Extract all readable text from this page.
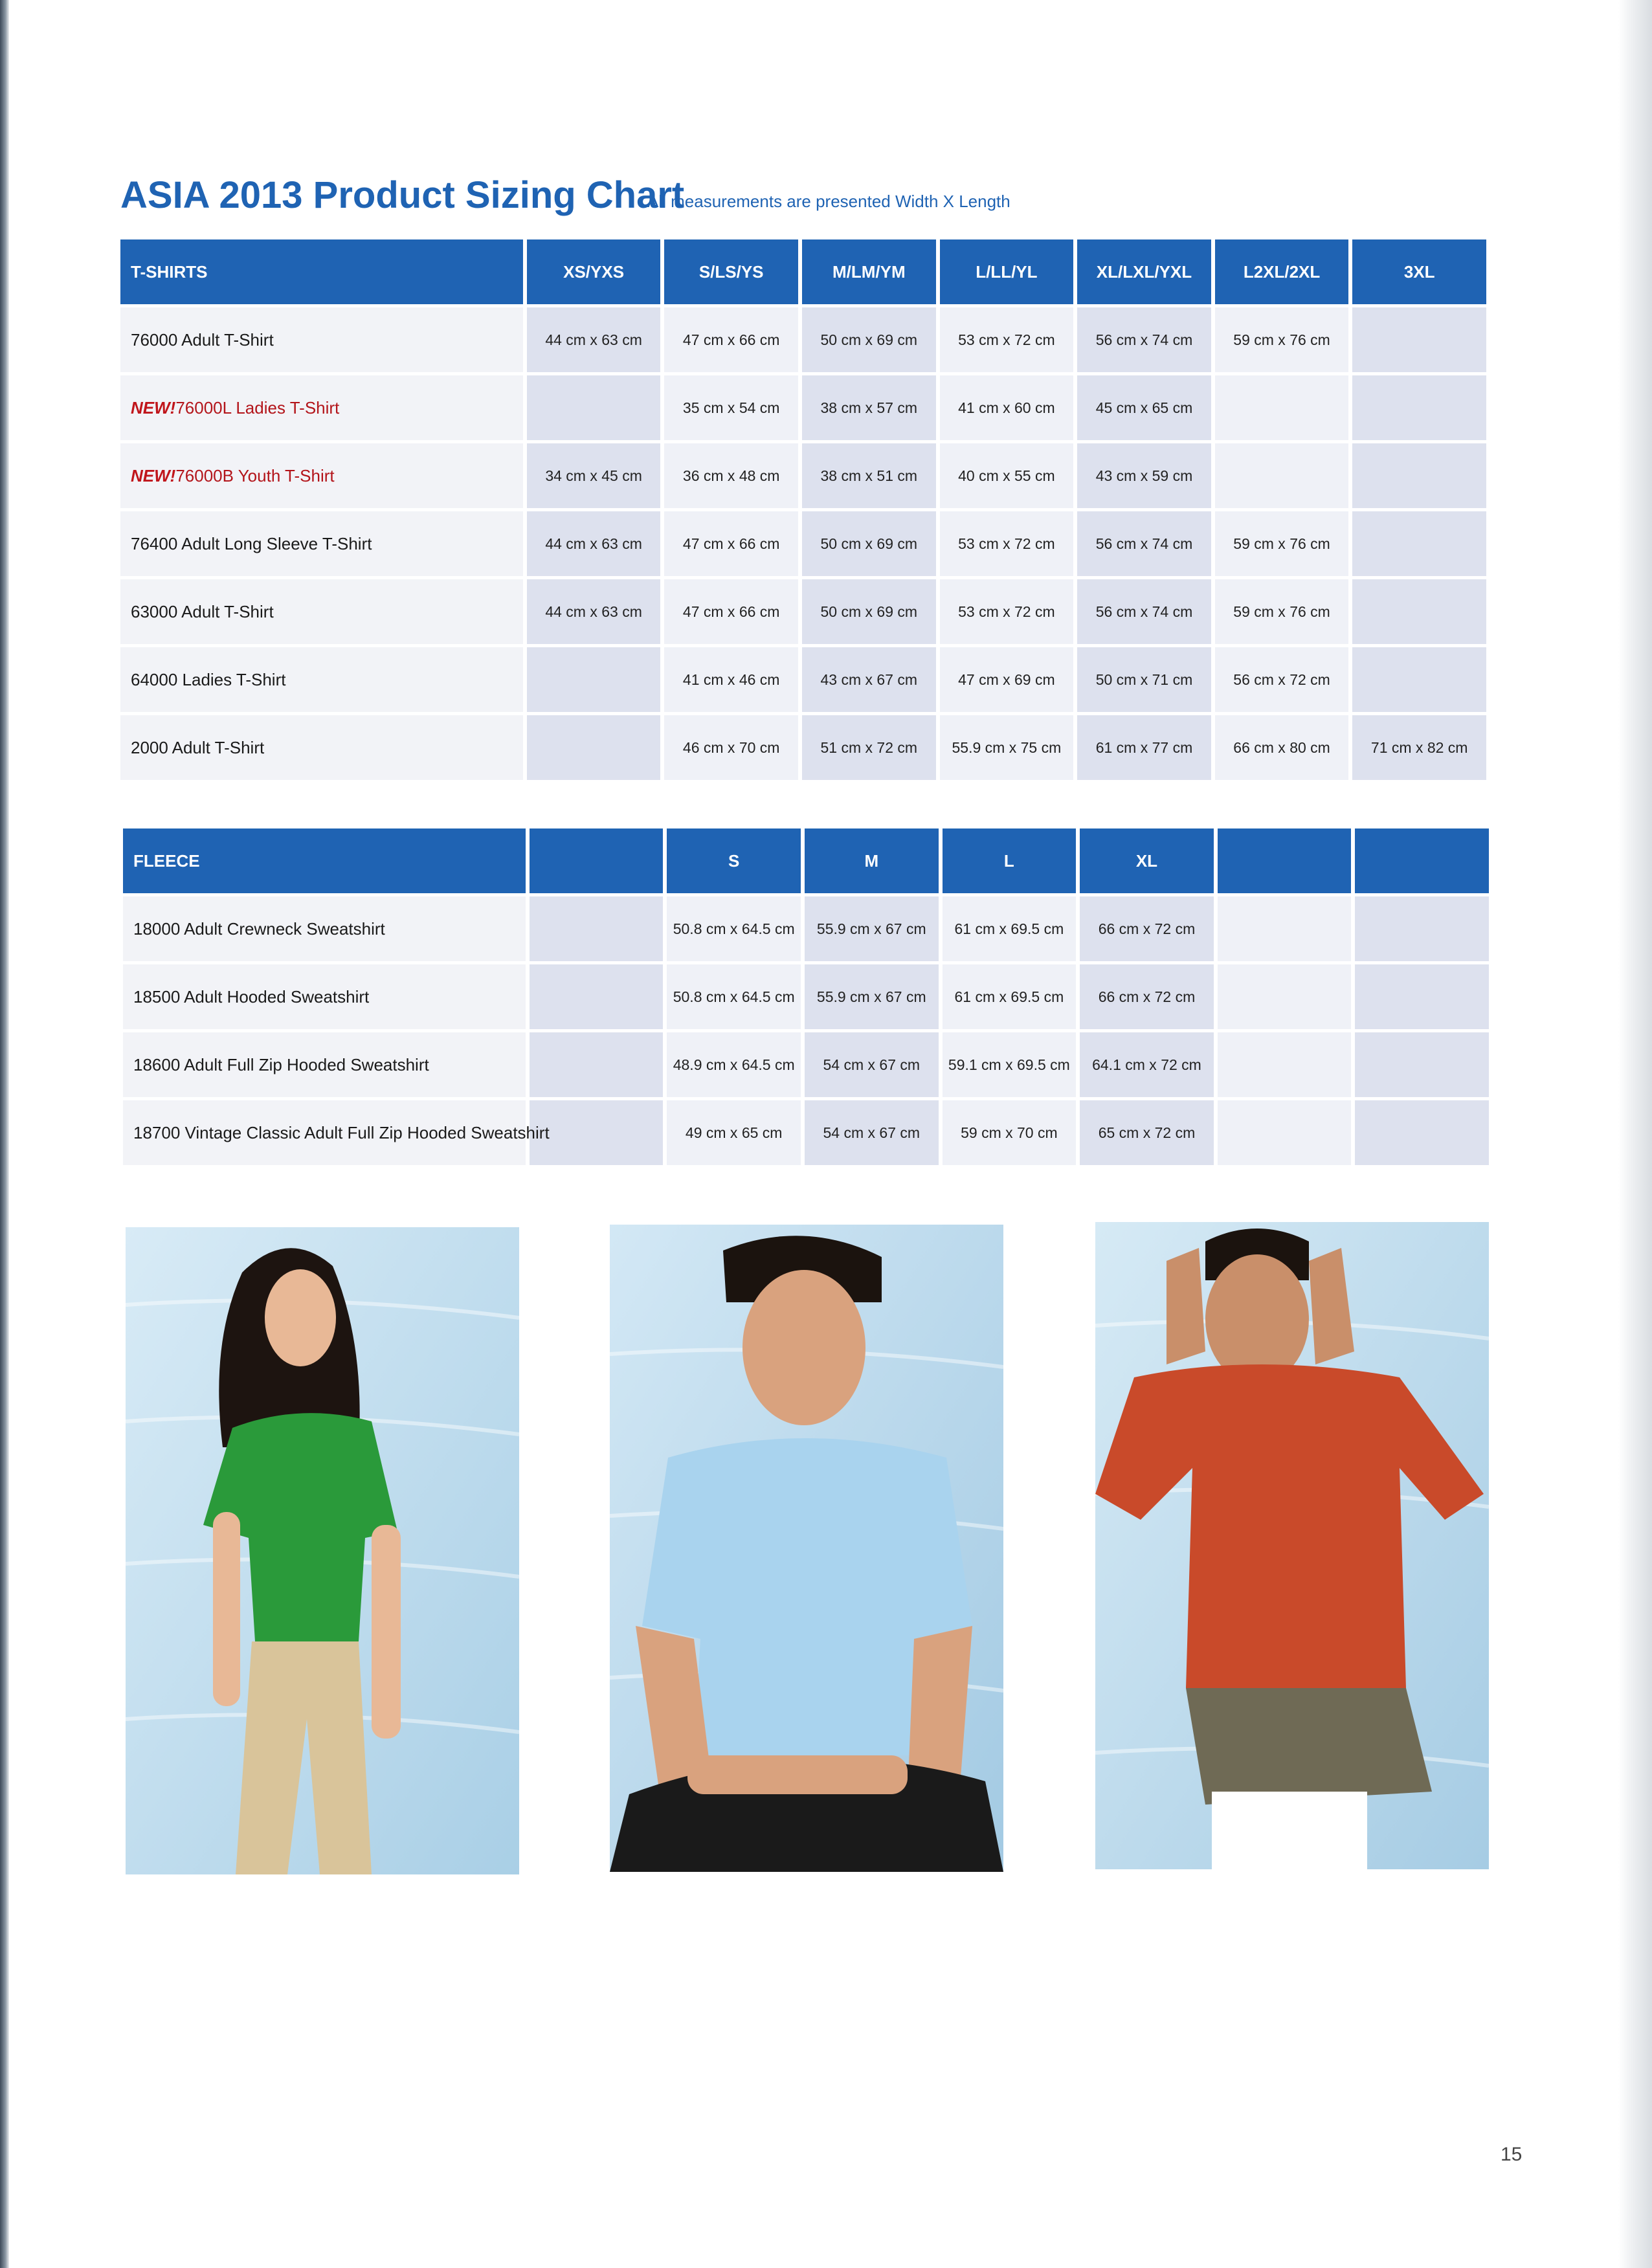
ASIA 2013 Product Sizing Chart
All measurements are presented Width X Length
T-SHIRTS	XS/YXS	S/LS/YS	M/LM/YM	L/LL/YL	XL/LXL/YXL	L2XL/2XL	3XL
76000 Adult T-Shirt	44 cm x 63 cm	47 cm x 66 cm	50 cm x 69 cm	53 cm x 72 cm	56 cm x 74 cm	59 cm x 76 cm	
NEW!76000L Ladies T-Shirt		35 cm x 54 cm	38 cm x 57 cm	41 cm x 60 cm	45 cm x 65 cm		
NEW!76000B Youth T-Shirt	34 cm x 45 cm	36 cm x 48 cm	38 cm x 51 cm	40 cm x 55 cm	43 cm x 59 cm		
76400 Adult Long Sleeve T-Shirt	44 cm x 63 cm	47 cm x 66 cm	50 cm x 69 cm	53 cm x 72 cm	56 cm x 74 cm	59 cm x 76 cm	
63000 Adult T-Shirt	44 cm x 63 cm	47 cm x 66 cm	50 cm x 69 cm	53 cm x 72 cm	56 cm x 74 cm	59 cm x 76 cm	
64000 Ladies T-Shirt		41 cm x 46 cm	43 cm x 67 cm	47 cm x 69 cm	50 cm x 71 cm	56 cm x 72 cm	
2000 Adult T-Shirt		46 cm x 70 cm	51 cm x 72 cm	55.9 cm x 75 cm	61 cm x 77 cm	66 cm x 80 cm	71 cm x 82 cm
FLEECE		S	M	L	XL		
18000 Adult Crewneck Sweatshirt		50.8 cm x 64.5 cm	55.9 cm x 67 cm	61 cm x 69.5 cm	66 cm x 72 cm		
18500 Adult Hooded Sweatshirt		50.8 cm x 64.5 cm	55.9 cm x 67 cm	61 cm x 69.5 cm	66 cm x 72 cm		
18600 Adult Full Zip Hooded Sweatshirt		48.9 cm x 64.5 cm	54 cm x 67 cm	59.1 cm x 69.5 cm	64.1 cm x 72 cm		
18700 Vintage Classic Adult Full Zip Hooded Sweatshirt		49 cm x 65 cm	54 cm x 67 cm	59 cm x 70 cm	65 cm x 72 cm		
15
